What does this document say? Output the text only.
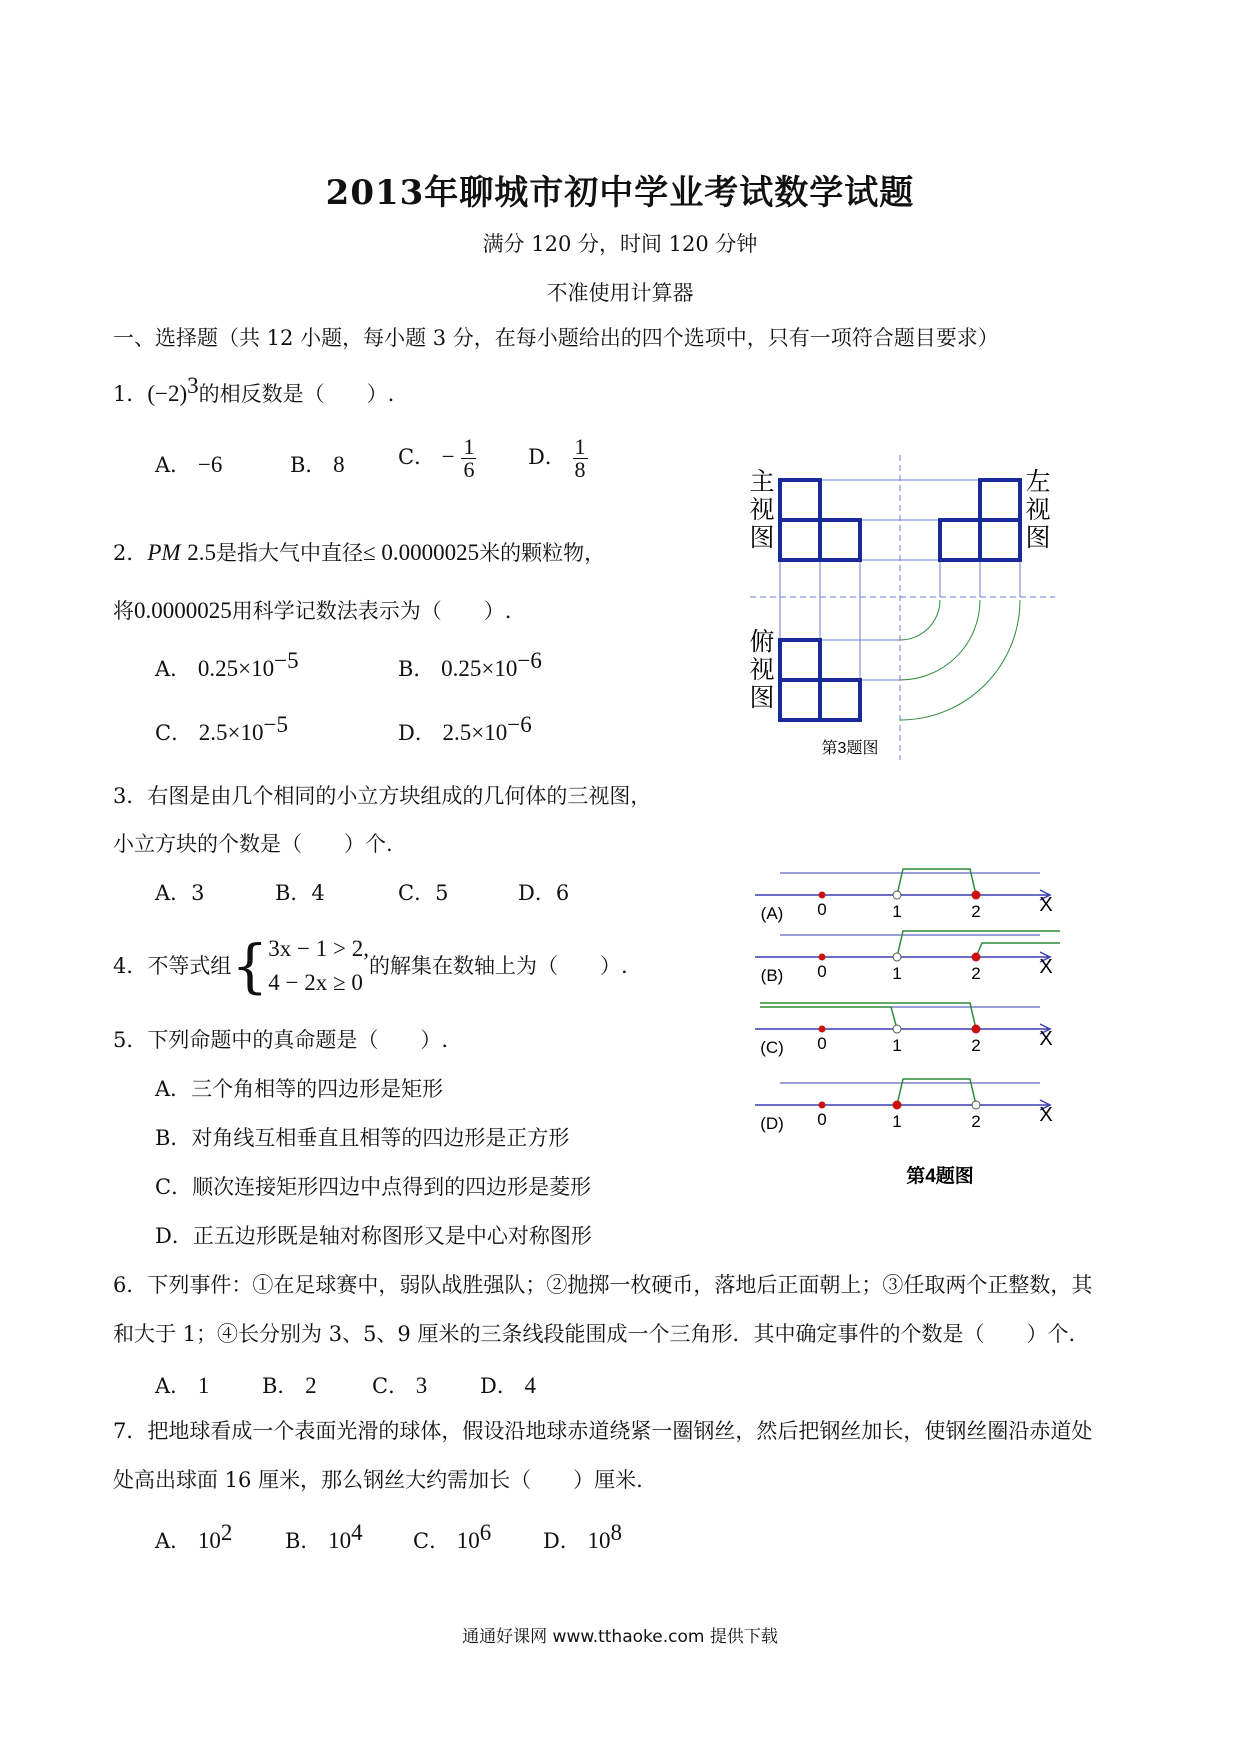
2013年聊城市初中学业考试数学试题
满分 120 分，时间 120 分钟
不准使用计算器
一、选择题（共 12 小题，每小题 3 分，在每小题给出的四个选项中，只有一项符合题目要求）
1．$(-2)^3$的相反数是（　　）.
A． −6	B． 8	C． − $\frac{1}{6}$ D． $\frac{1}{8}$
2．PM 2.5是指大气中直径≤ 0.0000025米的颗粒物，
将0.0000025用科学记数法表示为（　　）.
A． $0.25\times 10^{-5}$	B． $0.25\times 10^{-6}$
C． $2.5\times 10^{-5}$	D． $2.5\times 10^{-6}$
3．右图是由几个相同的小立方块组成的几何体的三视图，
小立方块的个数是（　　）个.
A．3	B．4	C．5	D．6
4．不等式组 { 3x − 1 > 2,
4 − 2x ≥ 0
的解集在数轴上为（　　）.
5．下列命题中的真命题是（　　）.
A．三个角相等的四边形是矩形
B．对角线互相垂直且相等的四边形是正方形
C．顺次连接矩形四边中点得到的四边形是菱形
D．正五边形既是轴对称图形又是中心对称图形
6．下列事件：①在足球赛中，弱队战胜强队；②抛掷一枚硬币，落地后正面朝上；③任取两个正整数，其
和大于 1；④长分别为 3、5、9 厘米的三条线段能围成一个三角形．其中确定事件的个数是（　　）个.
A． 1	B． 2	C． 3	D． 4
7．把地球看成一个表面光滑的球体，假设沿地球赤道绕紧一圈钢丝，然后把钢丝加长，使钢丝圈沿赤道处
处高出球面 16 厘米，那么钢丝大约需加长（　　）厘米.
A． $10^2$	B． $10^4$ C． $10^6$ D． $10^8$
主视图
左视图
俯视图
第3题图
(A) 0	1	2	X
(B) 0	1	2	X
(C) 0	1	2	X
(D) 0	1	2	X
第4题图
通通好课网 www.tthaoke.com 提供下载
